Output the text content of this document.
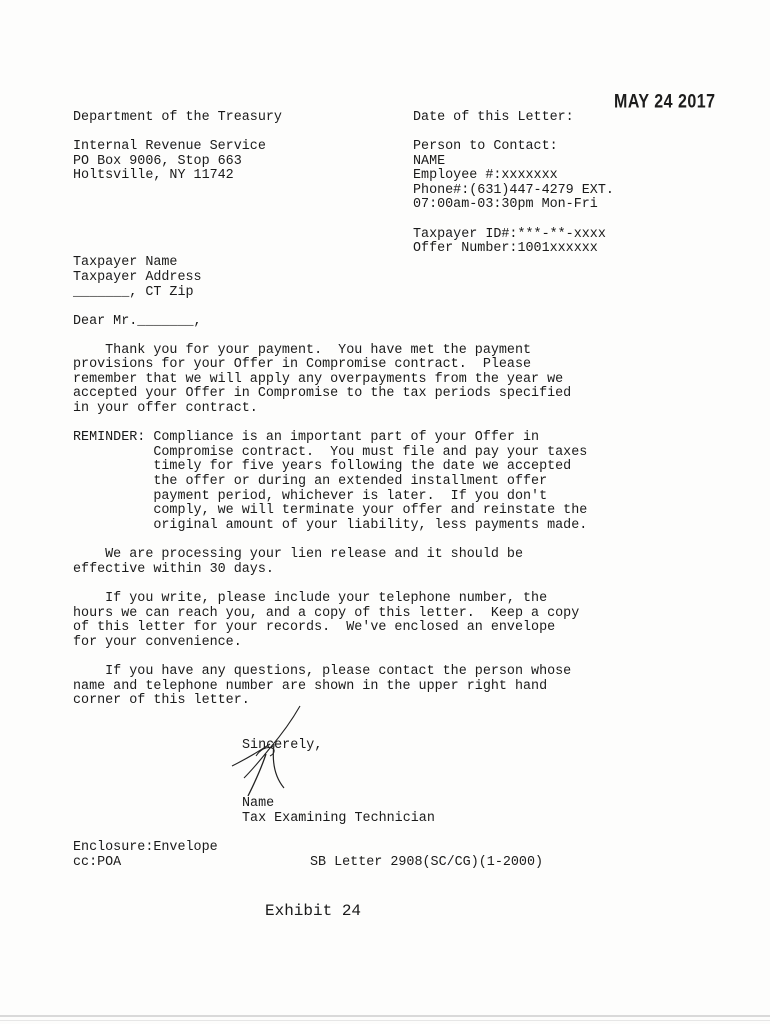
MAY 24 2017
Department of the Treasury
Internal Revenue Service
PO Box 9006, Stop 663
Holtsville, NY 11742
Date of this Letter:
Person to Contact:
NAME
Employee #:xxxxxxx
Phone#:(631)447-4279 EXT.
07:00am-03:30pm Mon-Fri
Taxpayer ID#:***-**-xxxx
Offer Number:1001xxxxxx
Taxpayer Name
Taxpayer Address
_______, CT Zip
Dear Mr._______,
Thank you for your payment.  You have met the payment
provisions for your Offer in Compromise contract.  Please
remember that we will apply any overpayments from the year we
accepted your Offer in Compromise to the tax periods specified
in your offer contract.
REMINDER: Compliance is an important part of your Offer in
Compromise contract.  You must file and pay your taxes
timely for five years following the date we accepted
the offer or during an extended installment offer
payment period, whichever is later.  If you don't
comply, we will terminate your offer and reinstate the
original amount of your liability, less payments made.
We are processing your lien release and it should be
effective within 30 days.
If you write, please include your telephone number, the
hours we can reach you, and a copy of this letter.  Keep a copy
of this letter for your records.  We've enclosed an envelope
for your convenience.
If you have any questions, please contact the person whose
name and telephone number are shown in the upper right hand
corner of this letter.
Sincerely,
Name
Tax Examining Technician
Enclosure:Envelope
cc:POA	SB Letter 2908(SC/CG)(1-2000)
Exhibit 24
